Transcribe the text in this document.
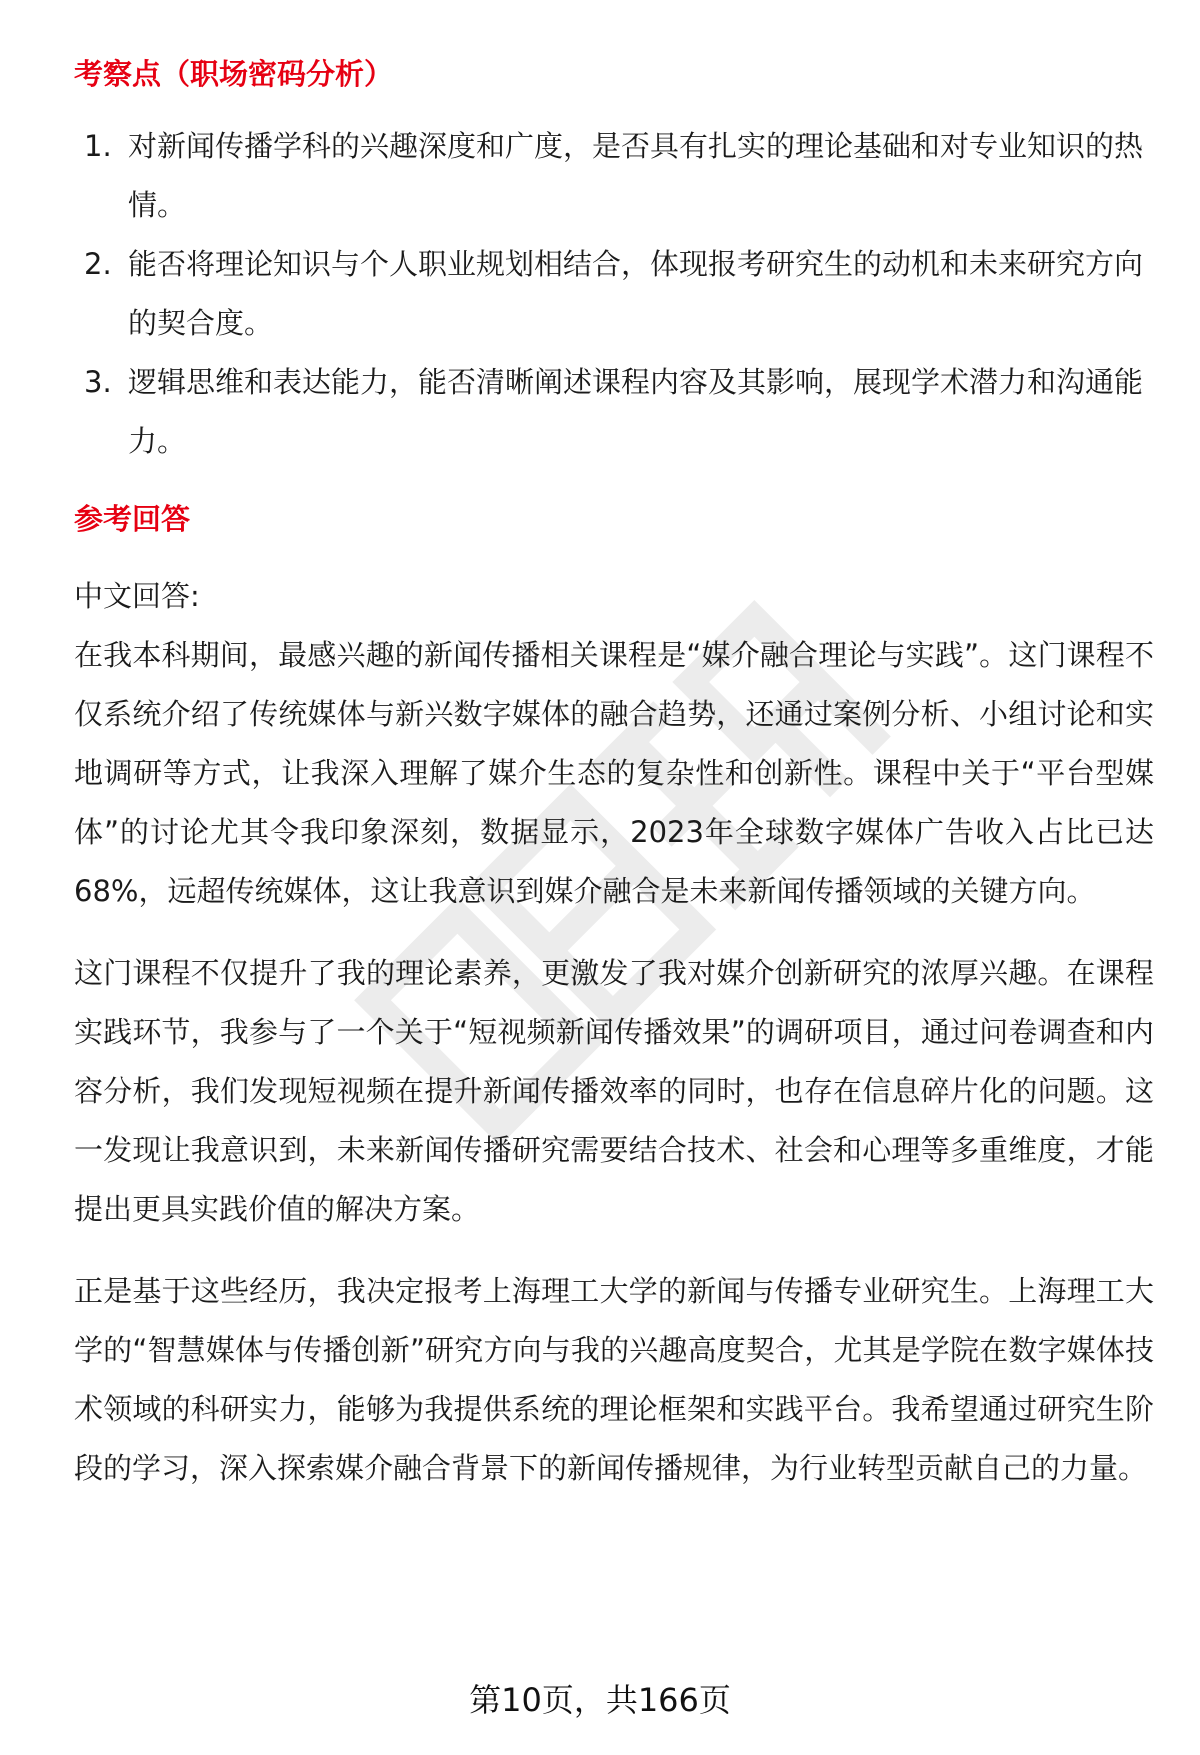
考察点（职场密码分析）
1. 对新闻传播学科的兴趣深度和广度，是否具有扎实的理论基础和对专业知识的热情。
2. 能否将理论知识与个人职业规划相结合，体现报考研究生的动机和未来研究方向的契合度。
3. 逻辑思维和表达能力，能否清晰阐述课程内容及其影响，展现学术潜力和沟通能力。
参考回答

中文回答:

在我本科期间，最感兴趣的新闻传播相关课程是“媒介融合理论与实践”。这门课程不仅系统介绍了传统媒体与新兴数字媒体的融合趋势，还通过案例分析、小组讨论和实地调研等方式，让我深入理解了媒介生态的复杂性和创新性。课程中关于“平台型媒体”的讨论尤其令我印象深刻，数据显示，2023年全球数字媒体广告收入占比已达68%，远超传统媒体，这让我意识到媒介融合是未来新闻传播领域的关键方向。

这门课程不仅提升了我的理论素养，更激发了我对媒介创新研究的浓厚兴趣。在课程实践环节，我参与了一个关于“短视频新闻传播效果”的调研项目，通过问卷调查和内容分析，我们发现短视频在提升新闻传播效率的同时，也存在信息碎片化的问题。这一发现让我意识到，未来新闻传播研究需要结合技术、社会和心理等多重维度，才能提出更具实践价值的解决方案。

正是基于这些经历，我决定报考上海理工大学的新闻与传播专业研究生。上海理工大学的“智慧媒体与传播创新”研究方向与我的兴趣高度契合，尤其是学院在数字媒体技术领域的科研实力，能够为我提供系统的理论框架和实践平台。我希望通过研究生阶段的学习，深入探索媒介融合背景下的新闻传播规律，为行业转型贡献自己的力量。

第10页，共166页
